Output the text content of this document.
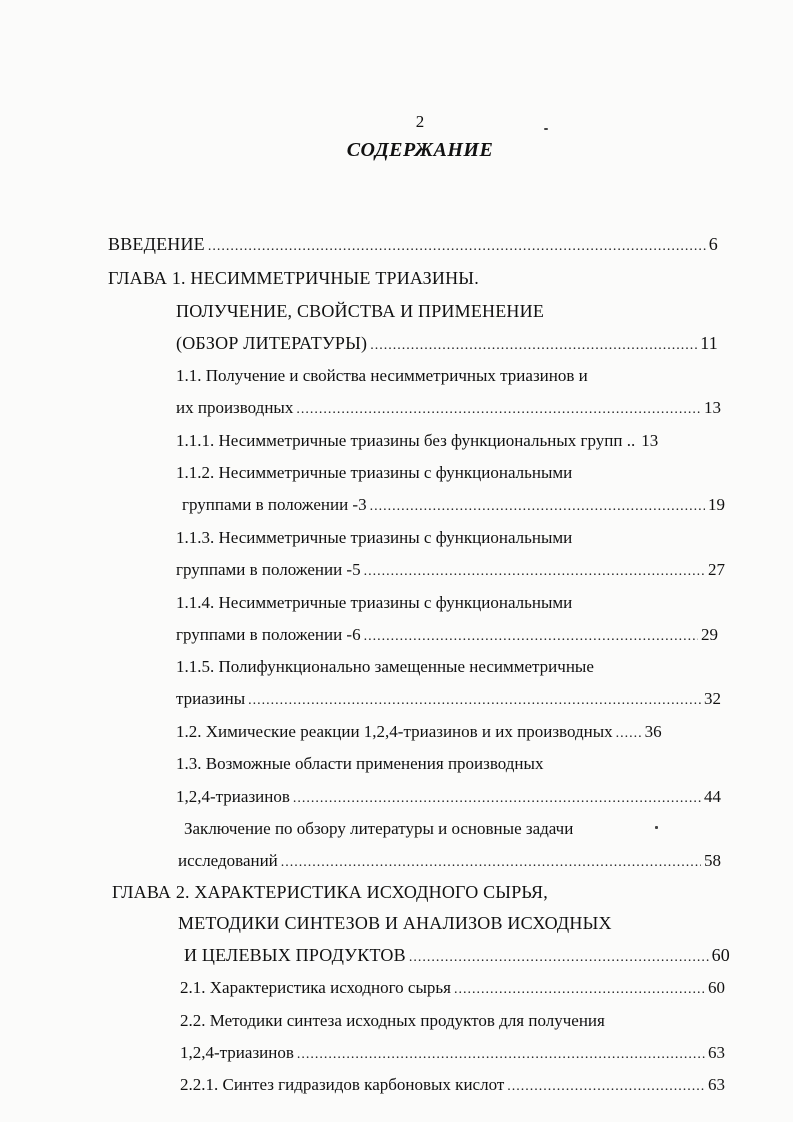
2
СОДЕРЖАНИЕ
ВВЕДЕНИЕ .....	6
ГЛАВА 1. НЕСИММЕТРИЧНЫЕ ТРИАЗИНЫ.
ПОЛУЧЕНИЕ, СВОЙСТВА И ПРИМЕНЕНИЕ
(ОБЗОР ЛИТЕРАТУРЫ) .....	11
1.1. Получение и свойства несимметричных триазинов и
их производных .....	13
1.1.1. Несимметричные триазины без функциональных групп .. 13
1.1.2. Несимметричные триазины с функциональными
группами в положении -3 .....	19
1.1.3. Несимметричные триазины с функциональными
группами в положении -5 .....	27
1.1.4. Несимметричные триазины с функциональными
группами в положении -6 .....	29
1.1.5. Полифункционально замещенные несимметричные
триазины .....	32
1.2. Химические реакции 1,2,4-триазинов и их производных ..... 36
1.3. Возможные области применения производных
1,2,4-триазинов .....	44
Заключение по обзору литературы и основные задачи
исследований .....	58
ГЛАВА 2. ХАРАКТЕРИСТИКА ИСХОДНОГО СЫРЬЯ,
МЕТОДИКИ СИНТЕЗОВ И АНАЛИЗОВ ИСХОДНЫХ
И ЦЕЛЕВЫХ ПРОДУКТОВ .....	60
2.1. Характеристика исходного сырья .....	60
2.2. Методики синтеза исходных продуктов для получения
1,2,4-триазинов .....	63
2.2.1. Синтез гидразидов карбоновых кислот .....	63
